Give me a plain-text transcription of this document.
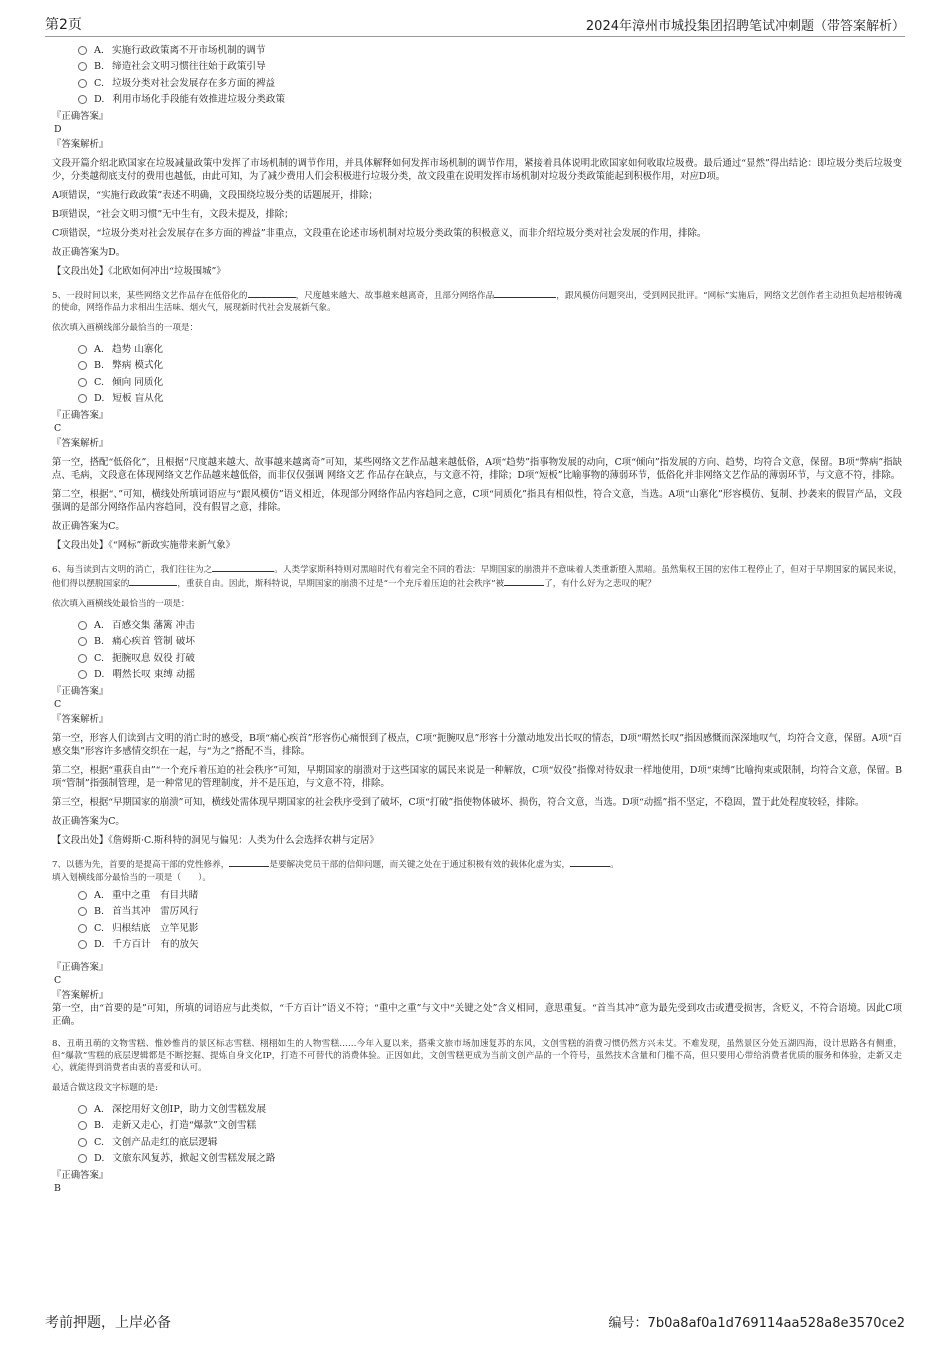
第2页	2024年漳州市城投集团招聘笔试冲刺题（带答案解析）
A. 实施行政政策离不开市场机制的调节
B. 缔造社会文明习惯往往始于政策引导
C. 垃圾分类对社会发展存在多方面的裨益
D. 利用市场化手段能有效推进垃圾分类政策
『正确答案』
D
『答案解析』
文段开篇介绍北欧国家在垃圾减量政策中发挥了市场机制的调节作用，并具体解释如何发挥市场机制的调节作用，紧接着具体说明北欧国家如何收取垃圾费。最后通过“显然”得出结论：即垃圾分类后垃圾变少，分类越彻底支付的费用也越低，由此可知，为了减少费用人们会积极进行垃圾分类，故文段重在说明发挥市场机制对垃圾分类政策能起到积极作用，对应D项。
A项错误，“实施行政政策”表述不明确，文段围绕垃圾分类的话题展开，排除；
B项错误，“社会文明习惯”无中生有，文段未提及，排除；
C项错误，“垃圾分类对社会发展存在多方面的裨益”非重点，文段重在论述市场机制对垃圾分类政策的积极意义，而非介绍垃圾分类对社会发展的作用，排除。
故正确答案为D。
【文段出处】《北欧如何冲出“垃圾围城”》
5、一段时间以来，某些网络文艺作品存在低俗化的	，尺度越来越大、故事越来越离奇，且部分网络作品	，跟风模仿问题突出，受到网民批评。“网标”实施后，网络文艺创作者主动担负起培根铸魂的使命，网络作品力求相出生活味、烟火气，展现新时代社会发展新气象。
依次填入画横线部分最恰当的一项是：
A. 趋势 山寨化
B. 弊病 模式化
C. 倾向 同质化
D. 短板 盲从化
『正确答案』
C
『答案解析』
第一空，搭配“低俗化”，且根据“尺度越来越大、故事越来越离奇”可知，某些网络文艺作品越来越低俗，A项“趋势”指事物发展的动向，C项“倾向”指发展的方向、趋势，均符合文意，保留。B项“弊病”指缺点、毛病，文段意在体现网络文艺作品越来越低俗，而非仅仅强调 网络文艺 作品存在缺点，与文意不符，排除；D项“短板”比喻事物的薄弱环节，低俗化并非网络文艺作品的薄弱环节，与文意不符，排除。
第二空，根据“、”可知，横线处所填词语应与“跟风模仿”语义相近，体现部分网络作品内容趋同之意，C项“同质化”指具有相似性，符合文意，当选。A项“山寨化”形容模仿、复制、抄袭来的假冒产品，文段强调的是部分网络作品内容趋同，没有假冒之意，排除。
故正确答案为C。
【文段出处】《“网标”新政实施带来新气象》
6、每当读到古文明的消亡，我们往往为之	。人类学家斯科特则对黑暗时代有着完全不同的看法：早期国家的崩溃并不意味着人类重新堕入黑暗。虽然集权王国的宏伟工程停止了，但对于早期国家的属民来说，他们得以摆脱国家的	，重获自由。因此，斯科特说，早期国家的崩溃不过是“一个充斥着压迫的社会秩序”被	了，有什么好为之悲叹的呢？
依次填入画横线处最恰当的一项是：
A. 百感交集 藩篱 冲击
B. 痛心疾首 管制 破坏
C. 扼腕叹息 奴役 打破
D. 喟然长叹 束缚 动摇
『正确答案』
C
『答案解析』
第一空，形容人们读到古文明的消亡时的感受，B项“痛心疾首”形容伤心痛恨到了极点，C项“扼腕叹息”形容十分激动地发出长叹的情态，D项“喟然长叹”指因感慨而深深地叹气，均符合文意，保留。A项“百感交集”形容许多感情交织在一起，与“为之”搭配不当，排除。
第二空，根据“重获自由”“一个充斥着压迫的社会秩序”可知，早期国家的崩溃对于这些国家的属民来说是一种解放，C项“奴役”指像对待奴隶一样地使用，D项“束缚”比喻拘束或限制，均符合文意，保留。B项“管制”指强制管理，是一种常见的管理制度，并不是压迫，与文意不符，排除。
第三空，根据“早期国家的崩溃”可知，横线处需体现早期国家的社会秩序受到了破坏，C项“打破”指使物体破坏、损伤，符合文意，当选。D项“动摇”指不坚定，不稳固，置于此处程度较轻，排除。
故正确答案为C。
【文段出处】《詹姆斯·C.斯科特的洞见与偏见：人类为什么会选择农耕与定居》
7、以德为先，首要的是提高干部的党性修养，	是要解决党员干部的信仰问题，而关键之处在于通过积极有效的载体化虚为实，	。
填入划横线部分最恰当的一项是（　　）。
A. 重中之重　有目共睹
B. 首当其冲　雷厉风行
C. 归根结底　立竿见影
D. 千方百计　有的放矢
『正确答案』
C
『答案解析』
第一空，由“首要的是”可知，所填的词语应与此类似，“千方百计”语义不符；“重中之重”与文中“关键之处”含义相同，意思重复。“首当其冲”意为最先受到攻击或遭受损害，含贬义，不符合语境。因此C项正确。
8、丑萌丑萌的文物雪糕、惟妙惟肖的景区标志雪糕、栩栩如生的人物雪糕……今年入夏以来，搭乘文旅市场加速复苏的东风，文创雪糕的消费习惯仍然方兴未艾。不难发现，虽然景区分处五湖四海，设计思路各有侧重，但“爆款”雪糕的底层逻辑都是不断挖掘、提炼自身文化IP，打造不可替代的消费体验。正因如此，文创雪糕更成为当前文创产品的一个符号，虽然技术含量和门槛不高，但只要用心带给消费者优质的服务和体验，走新又走心，就能得到消费者由衷的喜爱和认可。
最适合做这段文字标题的是:
A. 深挖用好文创IP，助力文创雪糕发展
B. 走新又走心，打造“爆款”文创雪糕
C. 文创产品走红的底层逻辑
D. 文旅东风复苏，掀起文创雪糕发展之路
『正确答案』
B
考前押题，上岸必备	编号：7b0a8af0a1d769114aa528a8e3570ce2
